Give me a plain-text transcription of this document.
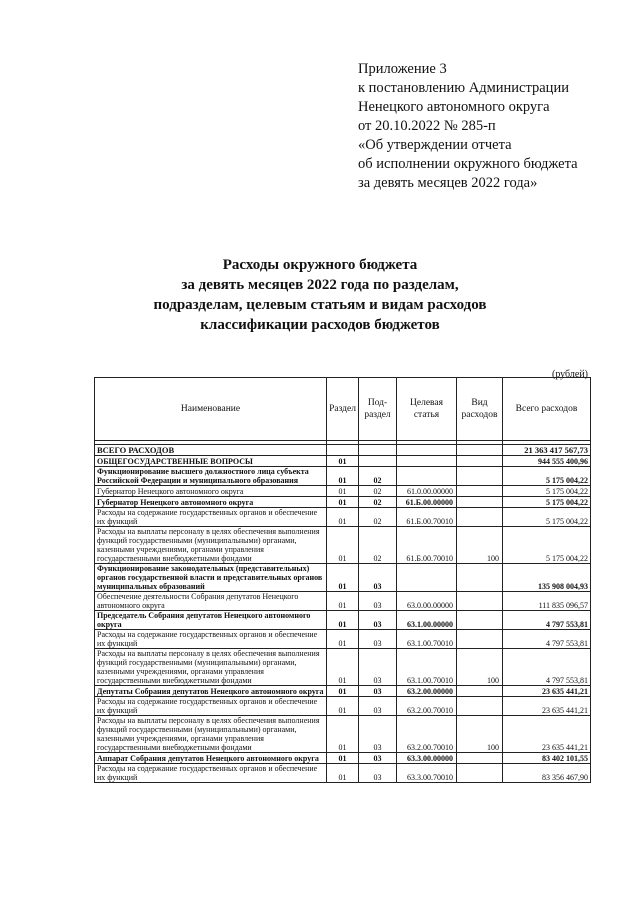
Приложение 3
к постановлению Администрации
Ненецкого автономного округа
от 20.10.2022 № 285-п
«Об утверждении отчета
об исполнении окружного бюджета
за девять месяцев 2022 года»
Расходы окружного бюджета
за девять месяцев 2022 года по разделам,
подразделам, целевым статьям и видам расходов
классификации расходов бюджетов
(рублей)
Наименование	Раздел	Под- раздел	Целевая статья	Вид расходов	Всего расходов

ВСЕГО РАСХОДОВ					21 363 417 567,73
ОБЩЕГОСУДАРСТВЕННЫЕ ВОПРОСЫ	01				944 555 400,96
Функционирование высшего должностного лица субъекта Российской Федерации и муниципального образования	01	02			5 175 004,22
Губернатор Ненецкого автономного округа	01	02	61.0.00.00000		5 175 004,22
Губернатор Ненецкого автономного округа	01	02	61.Б.00.00000		5 175 004,22
Расходы на содержание государственных органов и обеспечение их функций	01	02	61.Б.00.70010		5 175 004,22
Расходы на выплаты персоналу в целях обеспечения выполнения функций государственными (муниципальными) органами, казенными учреждениями, органами управления государственными внебюджетными фондами	01	02	61.Б.00.70010	100	5 175 004,22
Функционирование законодательных (представительных) органов государственной власти и представительных органов муниципальных образований	01	03			135 908 004,93
Обеспечение деятельности Собрания депутатов Ненецкого автономного округа	01	03	63.0.00.00000		111 835 096,57
Председатель Собрания депутатов Ненецкого автономного округа	01	03	63.1.00.00000		4 797 553,81
Расходы на содержание государственных органов и обеспечение их функций	01	03	63.1.00.70010		4 797 553,81
Расходы на выплаты персоналу в целях обеспечения выполнения функций государственными (муниципальными) органами, казенными учреждениями, органами управления государственными внебюджетными фондами	01	03	63.1.00.70010	100	4 797 553,81
Депутаты Собрания депутатов Ненецкого автономного округа	01	03	63.2.00.00000		23 635 441,21
Расходы на содержание государственных органов и обеспечение их функций	01	03	63.2.00.70010		23 635 441,21
Расходы на выплаты персоналу в целях обеспечения выполнения функций государственными (муниципальными) органами, казенными учреждениями, органами управления государственными внебюджетными фондами	01	03	63.2.00.70010	100	23 635 441,21
Аппарат Собрания депутатов Ненецкого автономного округа	01	03	63.3.00.00000		83 402 101,55
Расходы на содержание государственных органов и обеспечение их функций	01	03	63.3.00.70010		83 356 467,90
